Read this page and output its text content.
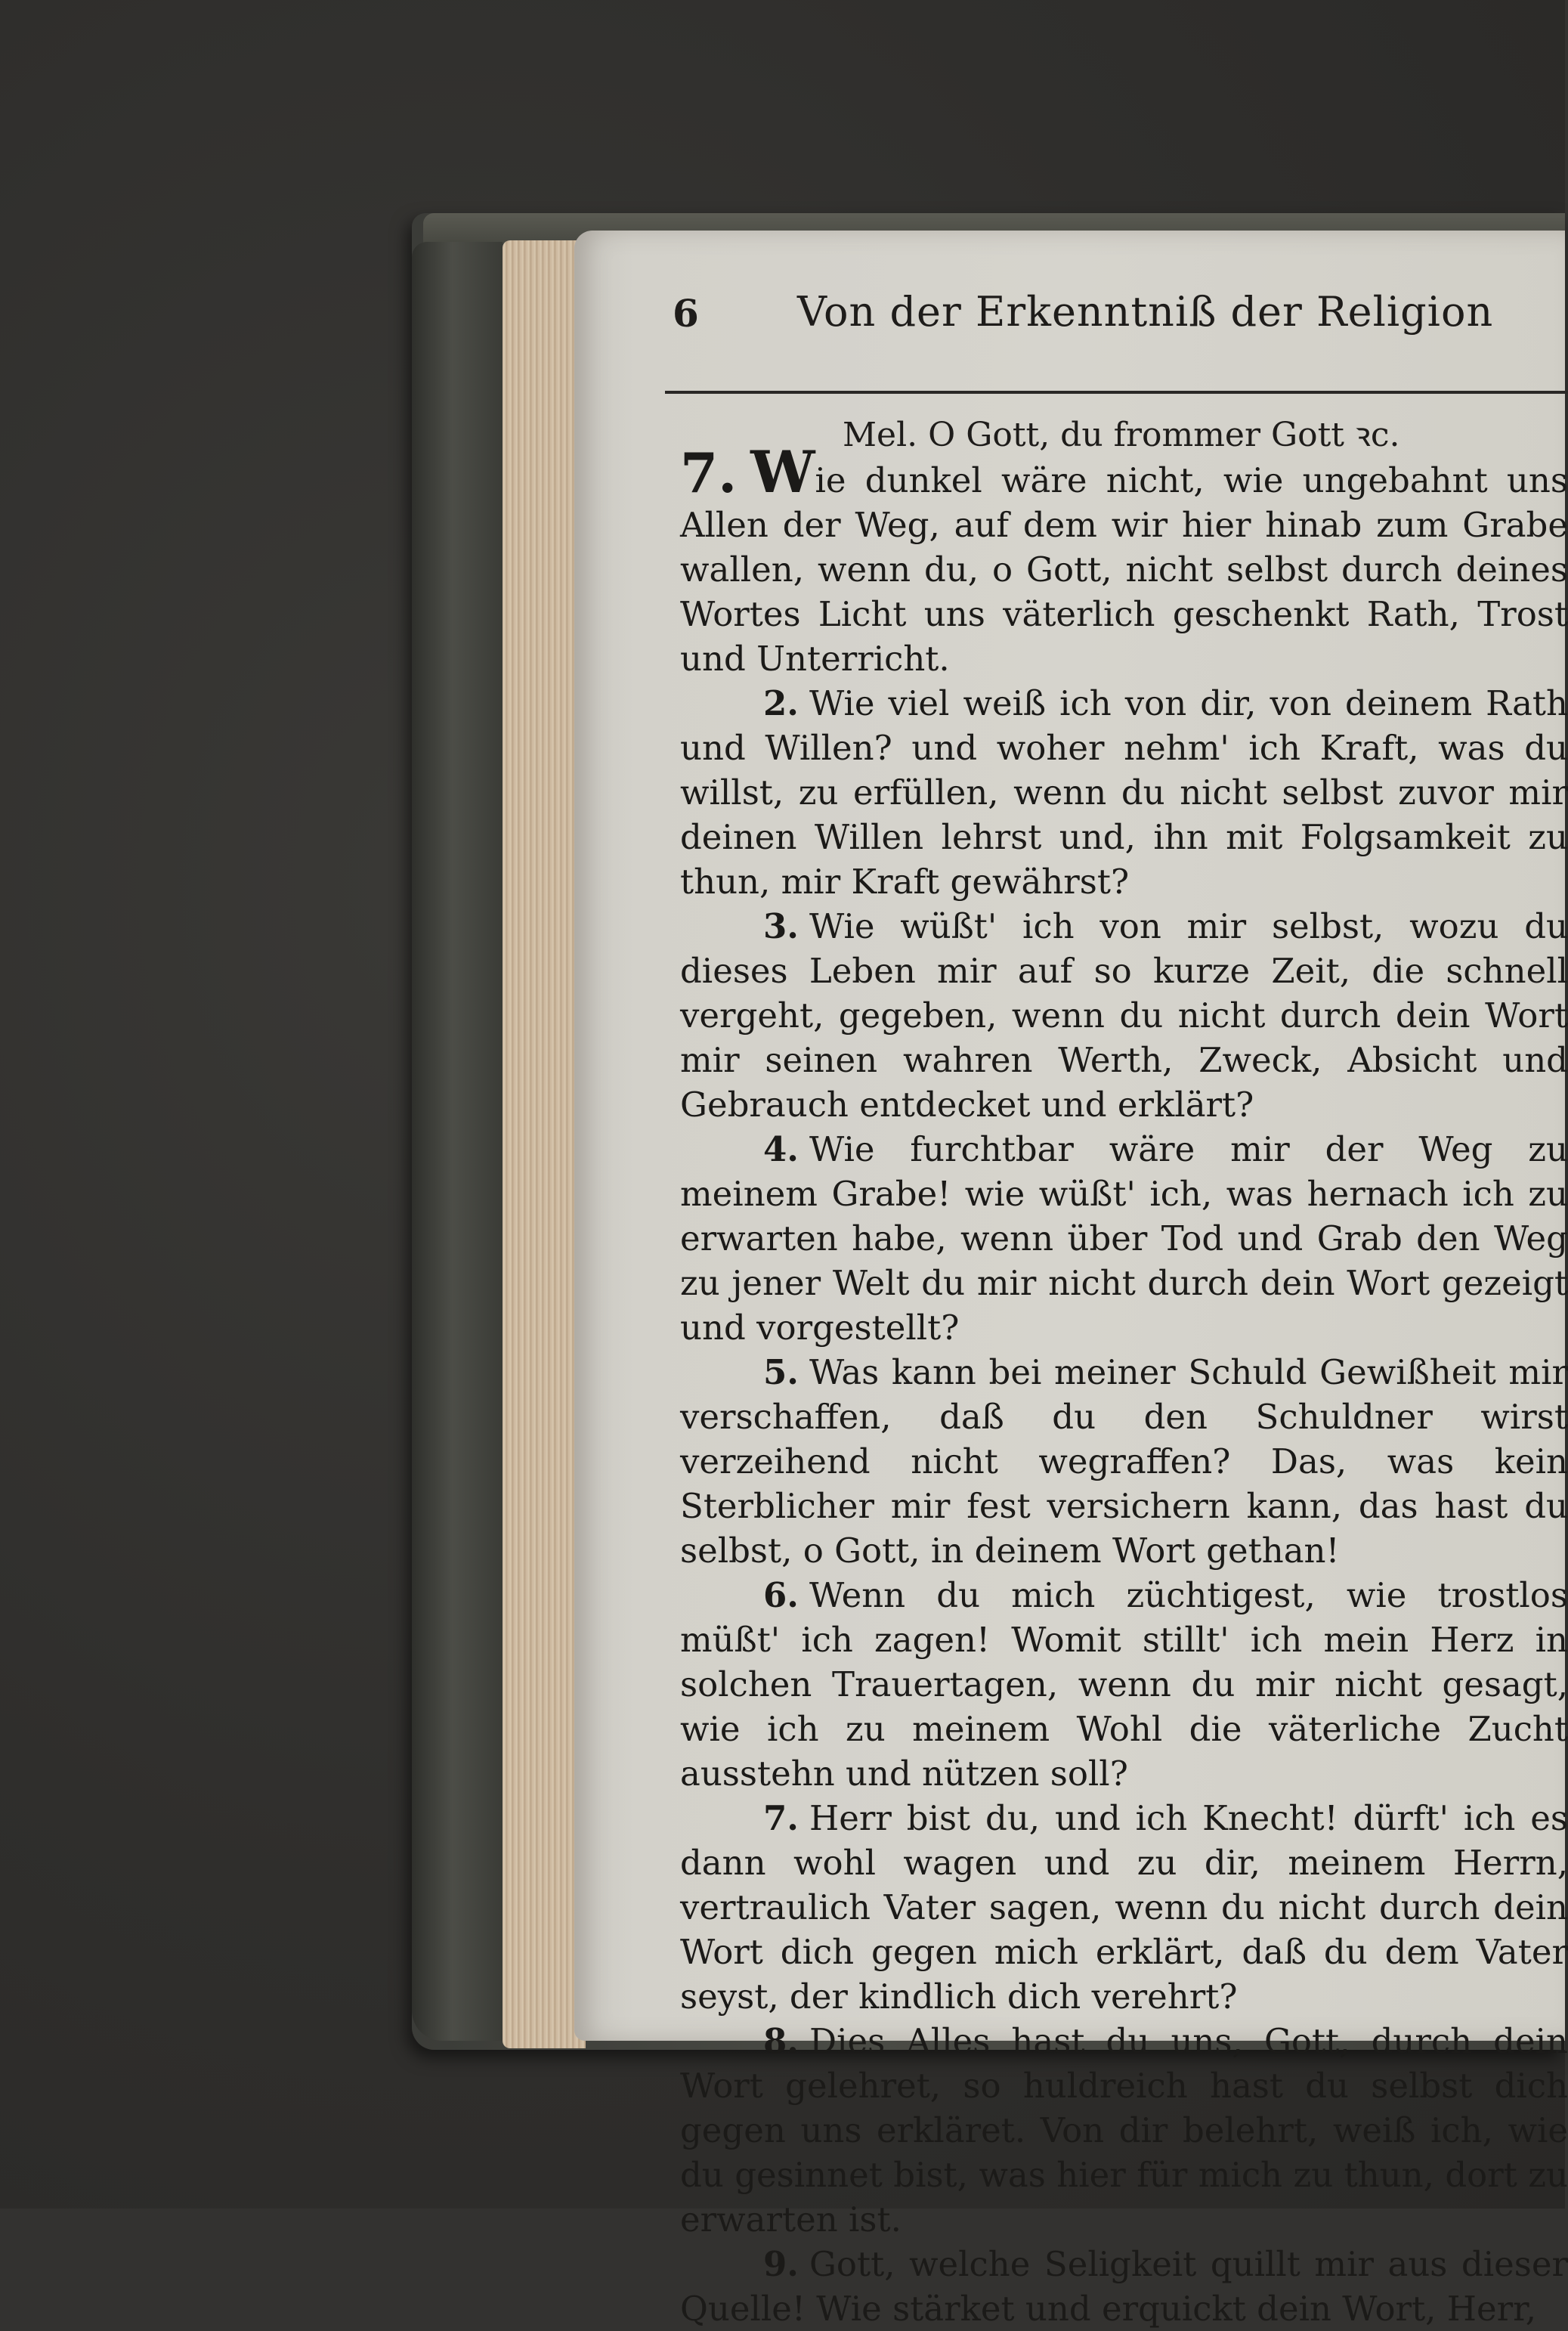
6 Von der Erkenntniß der Religion
Mel. O Gott, du frommer Gott ꝛc.

7. Wie dunkel wäre nicht, wie ungebahnt uns Allen der Weg, auf dem wir hier hinab zum Grabe wallen, wenn du, o Gott, nicht selbst durch deines Wortes Licht uns väterlich geschenkt Rath, Trost und Unterricht.

2. Wie viel weiß ich von dir, von deinem Rath und Willen? und woher nehm' ich Kraft, was du willst, zu erfüllen, wenn du nicht selbst zuvor mir deinen Willen lehrst und, ihn mit Folgsamkeit zu thun, mir Kraft gewährst?

3. Wie wüßt' ich von mir selbst, wozu du dieses Leben mir auf so kurze Zeit, die schnell vergeht, gegeben, wenn du nicht durch dein Wort mir seinen wahren Werth, Zweck, Absicht und Gebrauch entdecket und erklärt?

4. Wie furchtbar wäre mir der Weg zu meinem Grabe! wie wüßt' ich, was hernach ich zu erwarten habe, wenn über Tod und Grab den Weg zu jener Welt du mir nicht durch dein Wort gezeigt und vorgestellt?

5. Was kann bei meiner Schuld Gewißheit mir verschaffen, daß du den Schuldner wirst verzeihend nicht wegraffen? Das, was kein Sterblicher mir fest versichern kann, das hast du selbst, o Gott, in deinem Wort gethan!

6. Wenn du mich züchtigest, wie trostlos müßt' ich zagen! Womit stillt' ich mein Herz in solchen Trauertagen, wenn du mir nicht gesagt, wie ich zu meinem Wohl die väterliche Zucht ausstehn und nützen soll?

7. Herr bist du, und ich Knecht! dürft' ich es dann wohl wagen und zu dir, meinem Herrn, vertraulich Vater sagen, wenn du nicht durch dein Wort dich gegen mich erklärt, daß du dem Vater seyst, der kindlich dich verehrt?

8. Dies Alles hast du uns, Gott, durch dein Wort gelehret, so huldreich hast du selbst dich gegen uns erkläret. Von dir belehrt, weiß ich, wie du gesinnet bist, was hier für mich zu thun, dort zu erwarten ist.

9. Gott, welche Seligkeit quillt mir aus dieser Quelle! Wie stärket und erquickt dein Wort, Herr,
